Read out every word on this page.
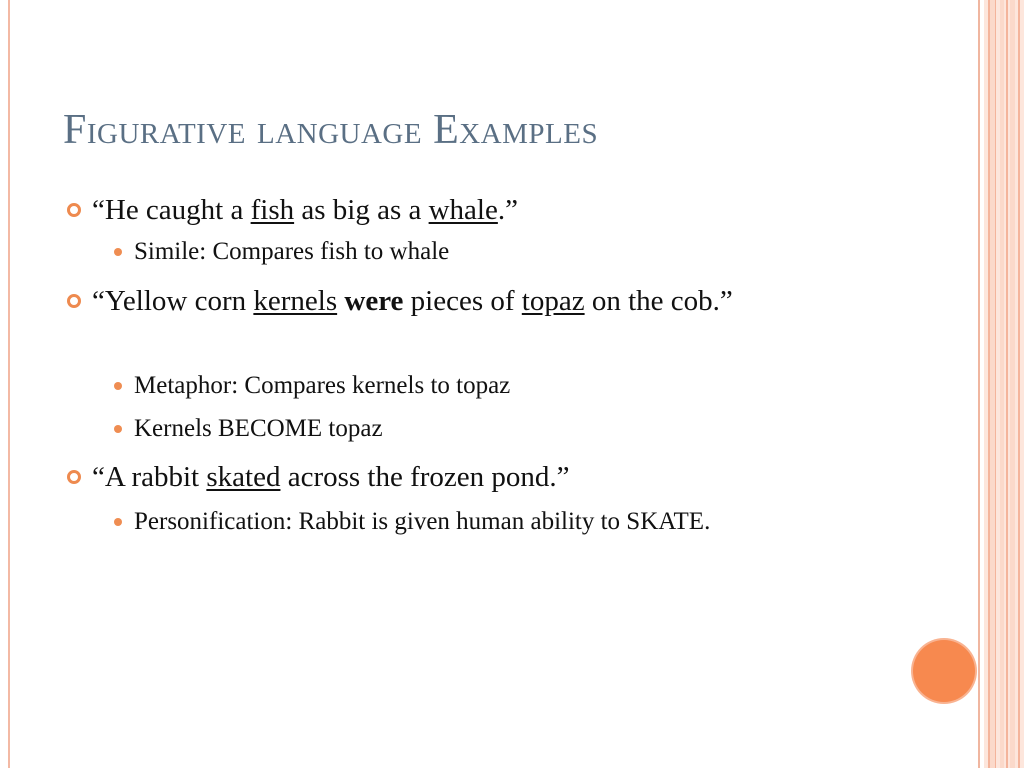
Figurative language Examples
“He caught a fish as big as a whale.”
Simile: Compares fish to whale
“Yellow corn kernels were pieces of topaz on the cob.”
Metaphor: Compares kernels to topaz
Kernels BECOME topaz
“A rabbit skated across the frozen pond.”
Personification: Rabbit is given human ability to SKATE.
